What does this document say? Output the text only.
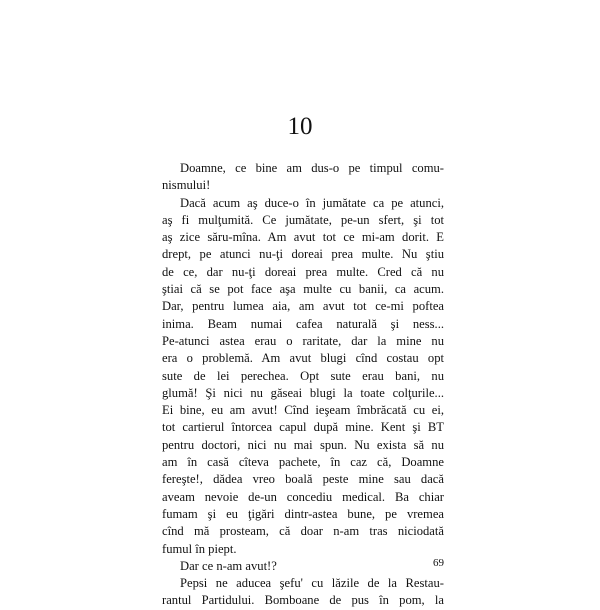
10
Doamne, ce bine am dus-o pe timpul comu-
nismului!
Dacă acum aş duce-o în jumătate ca pe atunci,
aş fi mulţumită. Ce jumătate, pe-un sfert, şi tot
aş zice săru-mîna. Am avut tot ce mi-am dorit. E
drept, pe atunci nu-ţi doreai prea multe. Nu ştiu
de ce, dar nu-ţi doreai prea multe. Cred că nu
ştiai că se pot face aşa multe cu banii, ca acum.
Dar, pentru lumea aia, am avut tot ce-mi poftea
inima. Beam numai cafea naturală şi ness...
Pe-atunci astea erau o raritate, dar la mine nu
era o problemă. Am avut blugi cînd costau opt
sute de lei perechea. Opt sute erau bani, nu
glumă! Şi nici nu găseai blugi la toate colţurile...
Ei bine, eu am avut! Cînd ieşeam îmbrăcată cu ei,
tot cartierul întorcea capul după mine. Kent şi BT
pentru doctori, nici nu mai spun. Nu exista să nu
am în casă cîteva pachete, în caz că, Doamne
fereşte!, dădea vreo boală peste mine sau dacă
aveam nevoie de-un concediu medical. Ba chiar
fumam şi eu ţigări dintr-astea bune, pe vremea
cînd mă prosteam, că doar n-am tras niciodată
fumul în piept.
Dar ce n-am avut!?
Pepsi ne aducea şefu' cu lăzile de la Restau-
rantul Partidului. Bomboane de pus în pom, la
69
